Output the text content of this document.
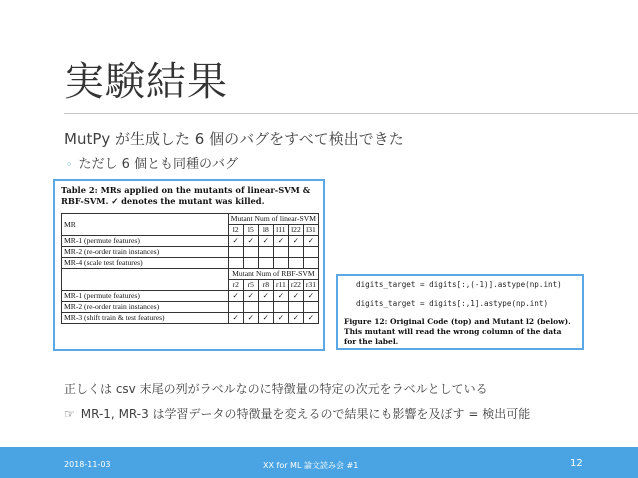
実験結果
MutPy が生成した 6 個のバグをすべて検出できた
◦ ただし 6 個とも同種のバグ
Table 2: MRs applied on the mutants of linear-SVM & RBF-SVM. ✓ denotes the mutant was killed.
MR	Mutant Num of linear-SVM					
	l2	l5	l8	l11	l22	l31
MR-1 (permute features)	✓	✓	✓	✓	✓	✓
MR-2 (re-order train instances)						
MR-4 (scale test features)						
	Mutant Num of RBF-SVM					
	r2	r5	r8	r11	r22	r31
MR-1 (permute features)	✓	✓	✓	✓	✓	✓
MR-2 (re-order train instances)						
MR-3 (shift train & test features)	✓	✓	✓	✓	✓	✓
digits_target = digits[:,(-1)].astype(np.int)
digits_target = digits[:,1].astype(np.int)
Figure 12: Original Code (top) and Mutant l2 (below). This mutant will read the wrong column of the data for the label.
正しくは csv 末尾の列がラベルなのに特徴量の特定の次元をラベルとしている
☞ MR-1, MR-3 は学習データの特徴量を変えるので結果にも影響を及ぼす = 検出可能
2018-11-03	XX for ML 論文読み会 #1	12
